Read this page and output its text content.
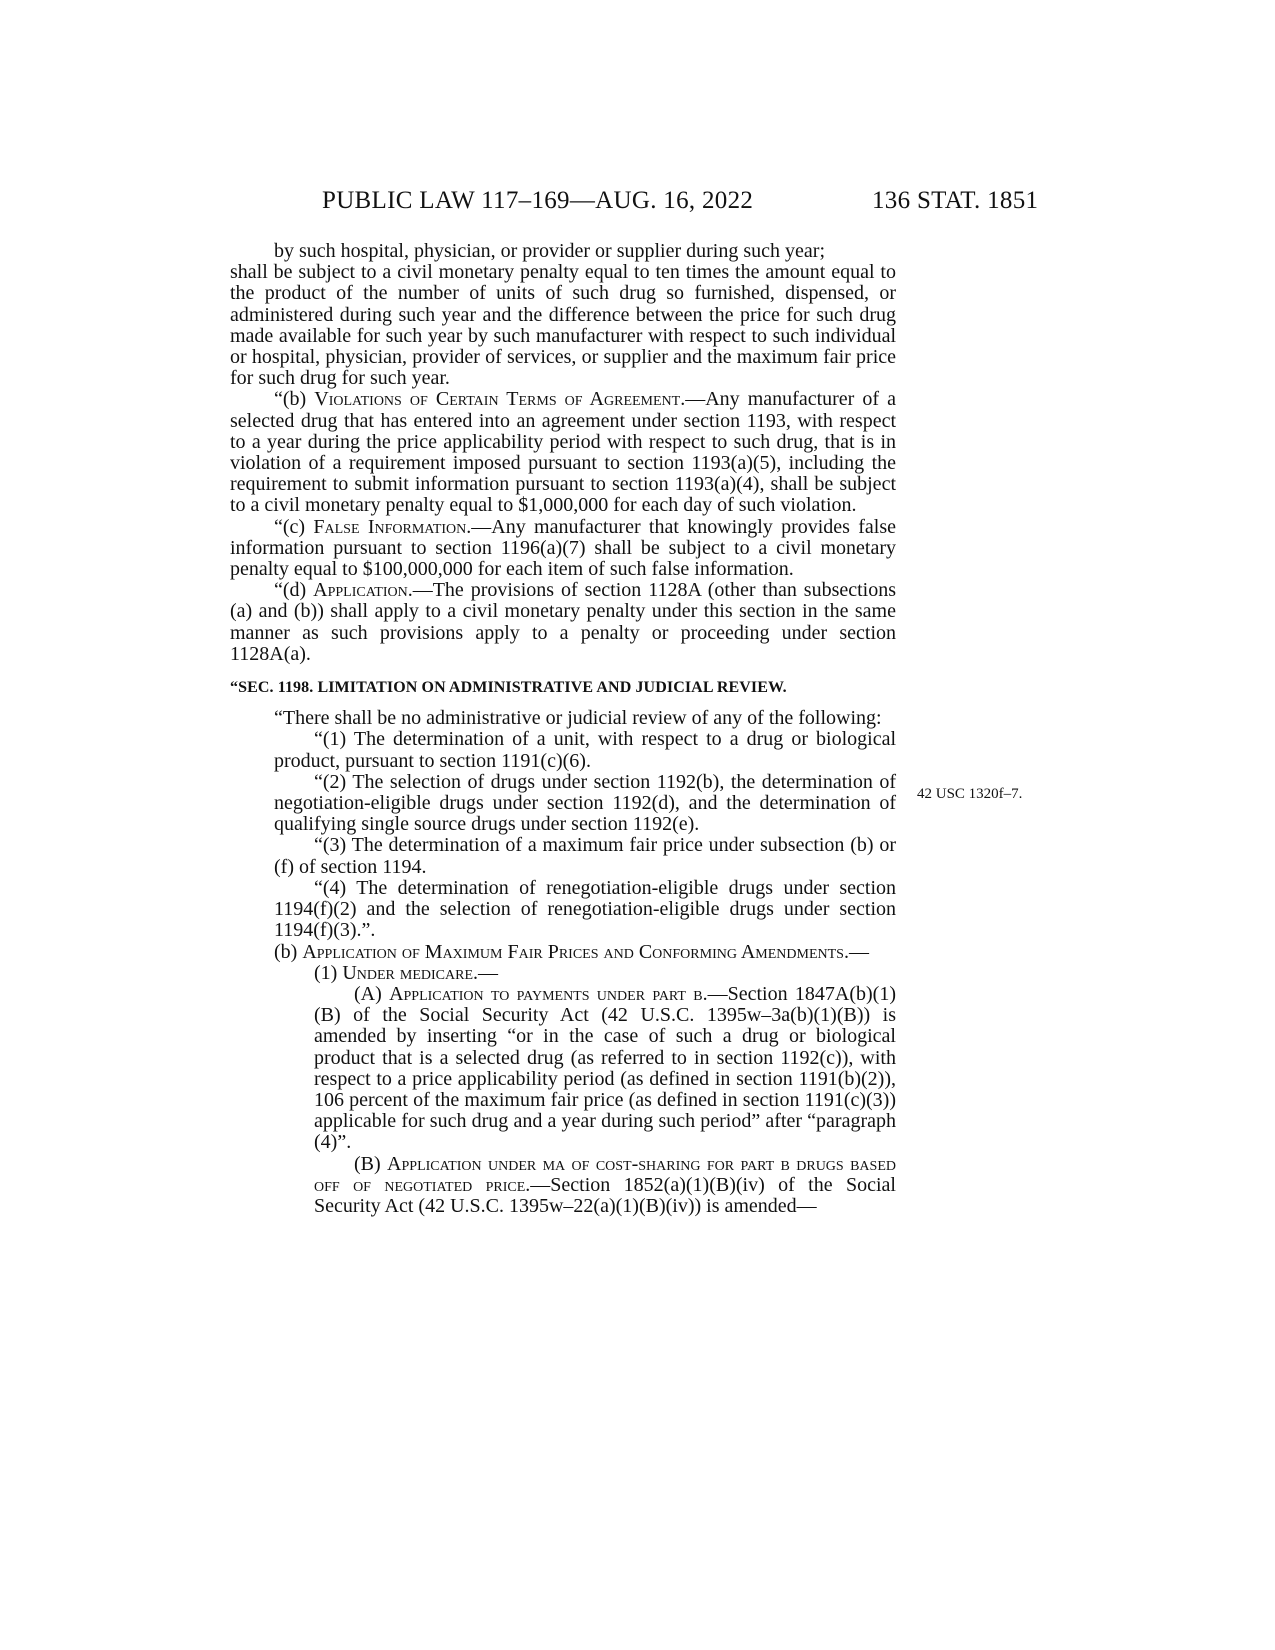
PUBLIC LAW 117–169—AUG. 16, 2022	136 STAT. 1851
42 USC 1320f–7.

by such hospital, physician, or provider or supplier during such year;

shall be subject to a civil monetary penalty equal to ten times the amount equal to the product of the number of units of such drug so furnished, dispensed, or administered during such year and the difference between the price for such drug made available for such year by such manufacturer with respect to such individual or hospital, physician, provider of services, or supplier and the maximum fair price for such drug for such year.

“(b) Violations of Certain Terms of Agreement.—Any manufacturer of a selected drug that has entered into an agreement under section 1193, with respect to a year during the price applicability period with respect to such drug, that is in violation of a requirement imposed pursuant to section 1193(a)(5), including the requirement to submit information pursuant to section 1193(a)(4), shall be subject to a civil monetary penalty equal to $1,000,000 for each day of such violation.

“(c) False Information.—Any manufacturer that knowingly provides false information pursuant to section 1196(a)(7) shall be subject to a civil monetary penalty equal to $100,000,000 for each item of such false information.

“(d) Application.—The provisions of section 1128A (other than subsections (a) and (b)) shall apply to a civil monetary penalty under this section in the same manner as such provisions apply to a penalty or proceeding under section 1128A(a).

“SEC. 1198. LIMITATION ON ADMINISTRATIVE AND JUDICIAL REVIEW.

“There shall be no administrative or judicial review of any of the following:

“(1) The determination of a unit, with respect to a drug or biological product, pursuant to section 1191(c)(6).

“(2) The selection of drugs under section 1192(b), the determination of negotiation-eligible drugs under section 1192(d), and the determination of qualifying single source drugs under section 1192(e).

“(3) The determination of a maximum fair price under subsection (b) or (f) of section 1194.

“(4) The determination of renegotiation-eligible drugs under section 1194(f)(2) and the selection of renegotiation-eligible drugs under section 1194(f)(3).”.

(b) Application of Maximum Fair Prices and Conforming Amendments.—

(1) Under medicare.—

(A) Application to payments under part b.—Section 1847A(b)(1)(B) of the Social Security Act (42 U.S.C. 1395w–3a(b)(1)(B)) is amended by inserting “or in the case of such a drug or biological product that is a selected drug (as referred to in section 1192(c)), with respect to a price applicability period (as defined in section 1191(b)(2)), 106 percent of the maximum fair price (as defined in section 1191(c)(3)) applicable for such drug and a year during such period” after “paragraph (4)”.

(B) Application under ma of cost-sharing for part b drugs based off of negotiated price.—Section 1852(a)(1)(B)(iv) of the Social Security Act (42 U.S.C. 1395w–22(a)(1)(B)(iv)) is amended—
